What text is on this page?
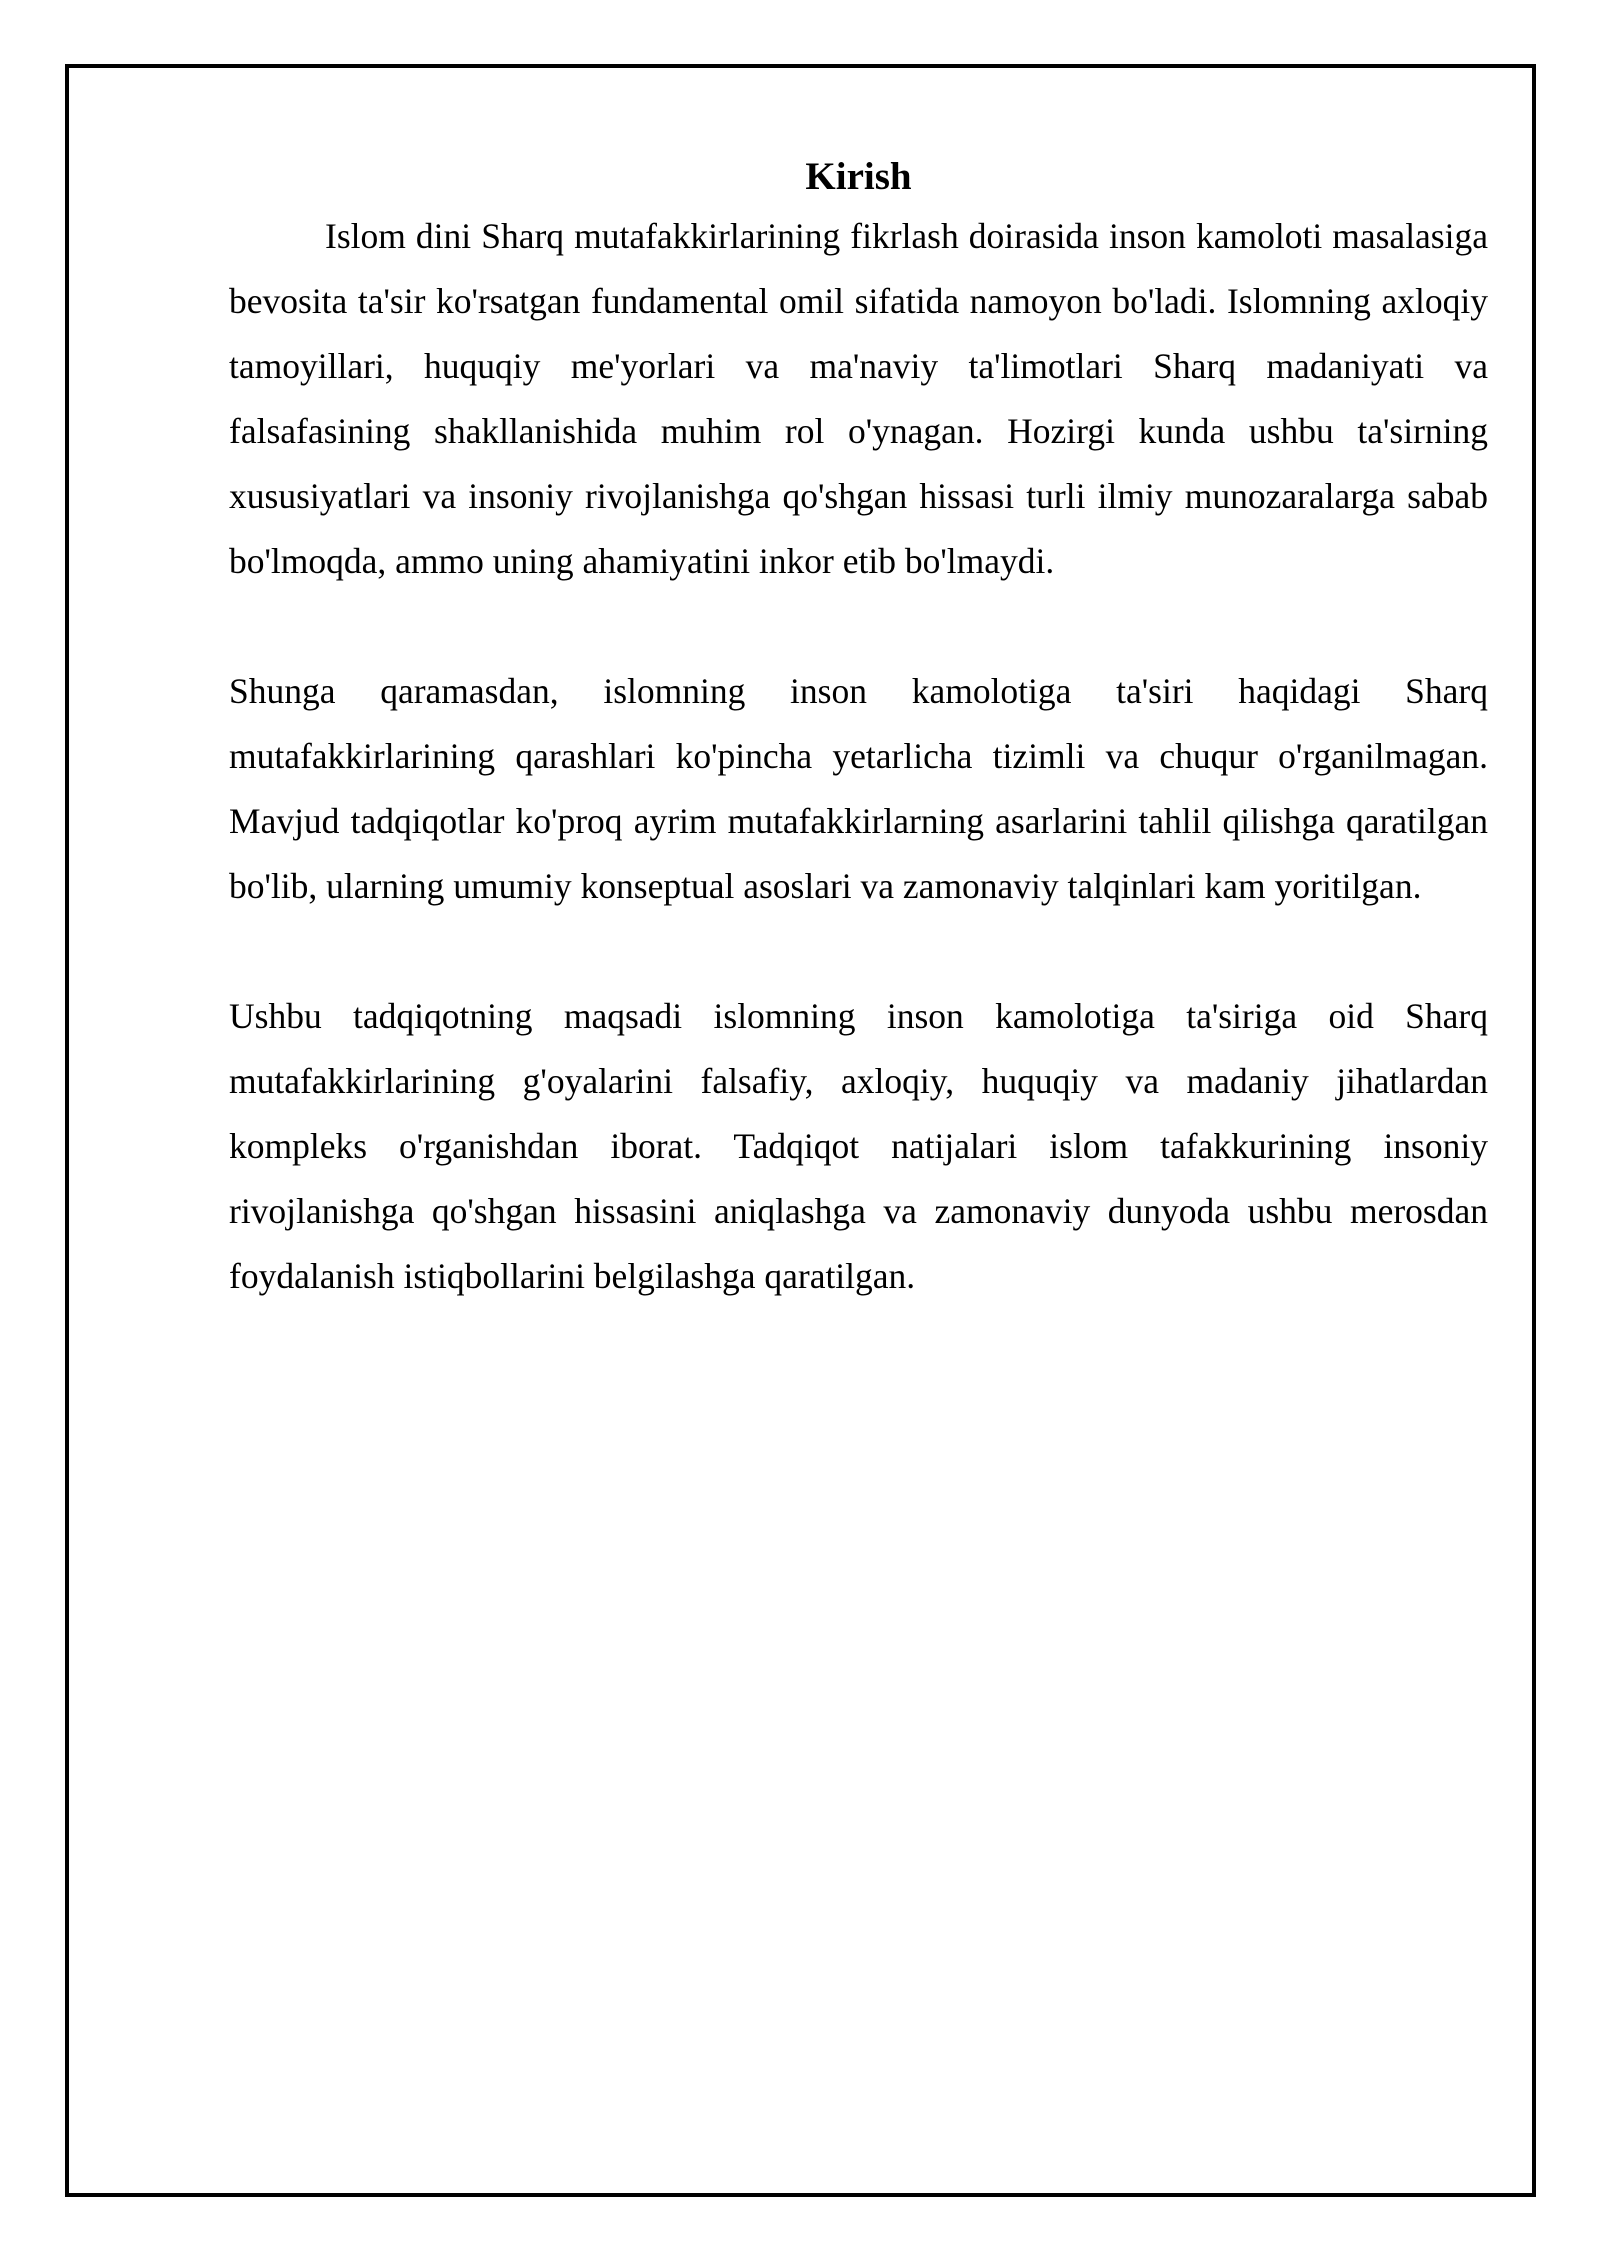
Kirish

Islom dini Sharq mutafakkirlarining fikrlash doirasida inson kamoloti masalasiga bevosita ta'sir ko'rsatgan fundamental omil sifatida namoyon bo'ladi. Islomning axloqiy tamoyillari, huquqiy me'yorlari va ma'naviy ta'limotlari Sharq madaniyati va falsafasining shakllanishida muhim rol o'ynagan. Hozirgi kunda ushbu ta'sirning xususiyatlari va insoniy rivojlanishga qo'shgan hissasi turli ilmiy munozaralarga sabab bo'lmoqda, ammo uning ahamiyatini inkor etib bo'lmaydi.

Shunga qaramasdan, islomning inson kamolotiga ta'siri haqidagi Sharq mutafakkirlarining qarashlari ko'pincha yetarlicha tizimli va chuqur o'rganilmagan. Mavjud tadqiqotlar ko'proq ayrim mutafakkirlarning asarlarini tahlil qilishga qaratilgan bo'lib, ularning umumiy konseptual asoslari va zamonaviy talqinlari kam yoritilgan.

Ushbu tadqiqotning maqsadi islomning inson kamolotiga ta'siriga oid Sharq mutafakkirlarining g'oyalarini falsafiy, axloqiy, huquqiy va madaniy jihatlardan kompleks o'rganishdan iborat. Tadqiqot natijalari islom tafakkurining insoniy rivojlanishga qo'shgan hissasini aniqlashga va zamonaviy dunyoda ushbu merosdan foydalanish istiqbollarini belgilashga qaratilgan.
